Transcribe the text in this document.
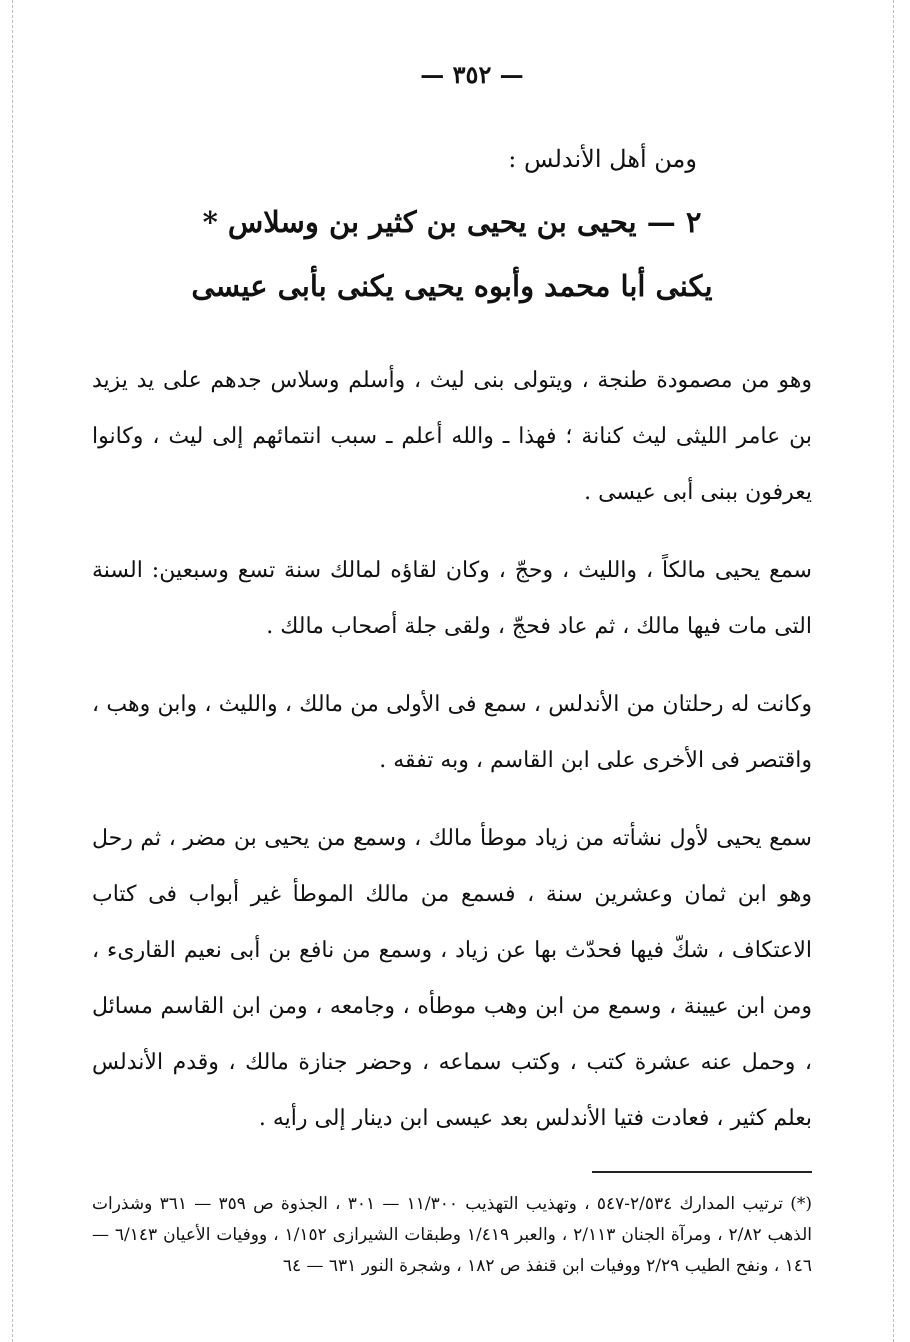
— ٣٥٢ —
ومن أهل الأندلس :
٢ — يحيى بن يحيى بن كثير بن وسلاس *
يكنى أبا محمد وأبوه يحيى يكنى بأبى عيسى

وهو من مصمودة طنجة ، ويتولى بنى ليث ، وأسلم وسلاس جدهم على يد يزيد بن عامر الليثى ليث كنانة ؛ فهذا ـ والله أعلم ـ سبب انتمائهم إلى ليث ، وكانوا يعرفون ببنى أبى عيسى .

سمع يحيى مالكاً ، والليث ، وحجّ ، وكان لقاؤه لمالك سنة تسع وسبعين: السنة التى مات فيها مالك ، ثم عاد فحجّ ، ولقى جلة أصحاب مالك .

وكانت له رحلتان من الأندلس ، سمع فى الأولى من مالك ، والليث ، وابن وهب ، واقتصر فى الأخرى على ابن القاسم ، وبه تفقه .

سمع يحيى لأول نشأته من زياد موطأ مالك ، وسمع من يحيى بن مضر ، ثم رحل وهو ابن ثمان وعشرين سنة ، فسمع من مالك الموطأ غير أبواب فى كتاب الاعتكاف ، شكّ فيها فحدّث بها عن زياد ، وسمع من نافع بن أبى نعيم القارىء ، ومن ابن عيينة ، وسمع من ابن وهب موطأه ، وجامعه ، ومن ابن القاسم مسائل ، وحمل عنه عشرة كتب ، وكتب سماعه ، وحضر جنازة مالك ، وقدم الأندلس بعلم كثير ، فعادت فتيا الأندلس بعد عيسى ابن دينار إلى رأيه .

(*) ترتيب المدارك ٢/٥٣٤-٥٤٧ ، وتهذيب التهذيب ١١/٣٠٠ — ٣٠١ ، الجذوة ص ٣٥٩ — ٣٦١ وشذرات الذهب ٢/٨٢ ، ومرآة الجنان ٢/١١٣ ، والعبر ١/٤١٩ وطبقات الشيرازى ١/١٥٢ ، ووفيات الأعيان ٦/١٤٣ — ١٤٦ ، ونفح الطيب ٢/٢٩ ووفيات ابن قنفذ ص ١٨٢ ، وشجرة النور ٦٣١ — ٦٤
